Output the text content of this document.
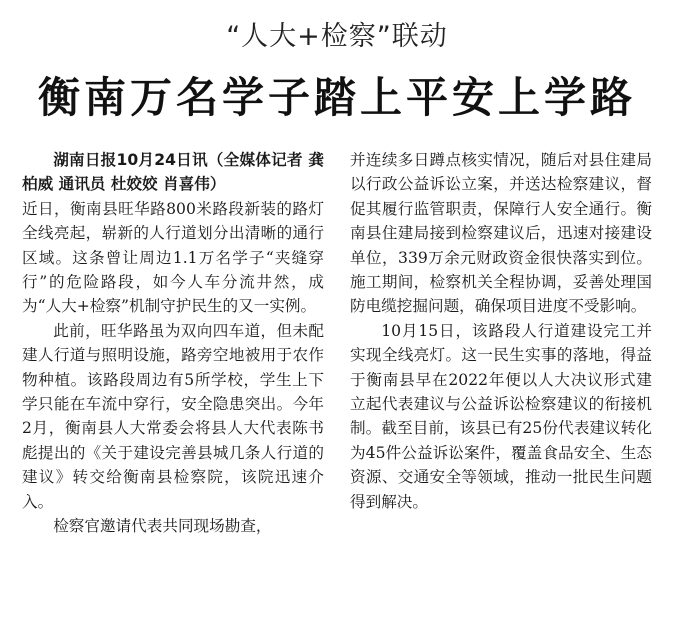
“人大+检察”联动
衡南万名学子踏上平安上学路

湖南日报10月24日讯（全媒体记者 龚柏威 通讯员 杜姣姣 肖喜伟）

近日，衡南县旺华路800米路段新装的路灯全线亮起，崭新的人行道划分出清晰的通行区域。这条曾让周边1.1万名学子“夹缝穿行”的危险路段，如今人车分流井然，成为“人大+检察”机制守护民生的又一实例。

此前，旺华路虽为双向四车道，但未配建人行道与照明设施，路旁空地被用于农作物种植。该路段周边有5所学校，学生上下学只能在车流中穿行，安全隐患突出。今年2月，衡南县人大常委会将县人大代表陈书彪提出的《关于建设完善县城几条人行道的建议》转交给衡南县检察院，该院迅速介入。

检察官邀请代表共同现场勘查，

并连续多日蹲点核实情况，随后对县住建局以行政公益诉讼立案，并送达检察建议，督促其履行监管职责，保障行人安全通行。衡南县住建局接到检察建议后，迅速对接建设单位，339万余元财政资金很快落实到位。施工期间，检察机关全程协调，妥善处理国防电缆挖掘问题，确保项目进度不受影响。

10月15日，该路段人行道建设完工并实现全线亮灯。这一民生实事的落地，得益于衡南县早在2022年便以人大决议形式建立起代表建议与公益诉讼检察建议的衔接机制。截至目前，该县已有25份代表建议转化为45件公益诉讼案件，覆盖食品安全、生态资源、交通安全等领域，推动一批民生问题得到解决。
